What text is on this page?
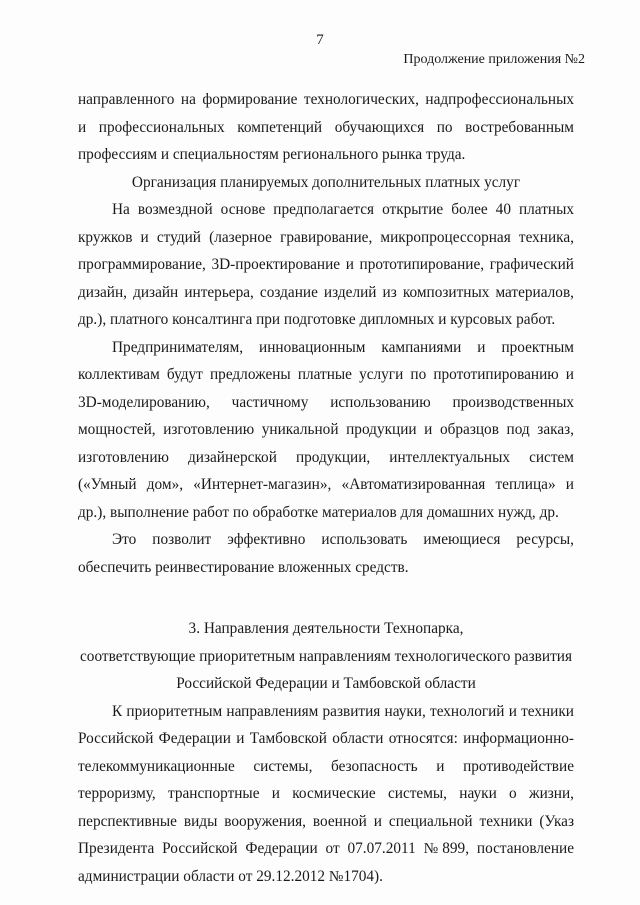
7
Продолжение приложения №2

направленного на формирование технологических, надпрофессиональных и профессиональных компетенций обучающихся по востребованным профессиям и специальностям регионального рынка труда.

Организация планируемых дополнительных платных услуг

На возмездной основе предполагается открытие более 40 платных кружков и студий (лазерное гравирование, микропроцессорная техника, программирование, 3D-проектирование и прототипирование, графический дизайн, дизайн интерьера, создание изделий из композитных материалов, др.), платного консалтинга при подготовке дипломных и курсовых работ.

Предпринимателям, инновационным кампаниями и проектным коллективам будут предложены платные услуги по прототипированию и 3D-моделированию, частичному использованию производственных мощностей, изготовлению уникальной продукции и образцов под заказ, изготовлению дизайнерской продукции, интеллектуальных систем («Умный дом», «Интернет-магазин», «Автоматизированная теплица» и др.), выполнение работ по обработке материалов для домашних нужд, др.

Это позволит эффективно использовать имеющиеся ресурсы, обеспечить реинвестирование вложенных средств.

3. Направления деятельности Технопарка,

соответствующие приоритетным направлениям технологического развития

Российской Федерации и Тамбовской области

К приоритетным направлениям развития науки, технологий и техники Российской Федерации и Тамбовской области относятся: информационно-телекоммуникационные системы, безопасность и противодействие терроризму, транспортные и космические системы, науки о жизни, перспективные виды вооружения, военной и специальной техники (Указ Президента Российской Федерации от 07.07.2011 №899, постановление администрации области от 29.12.2012 №1704).
